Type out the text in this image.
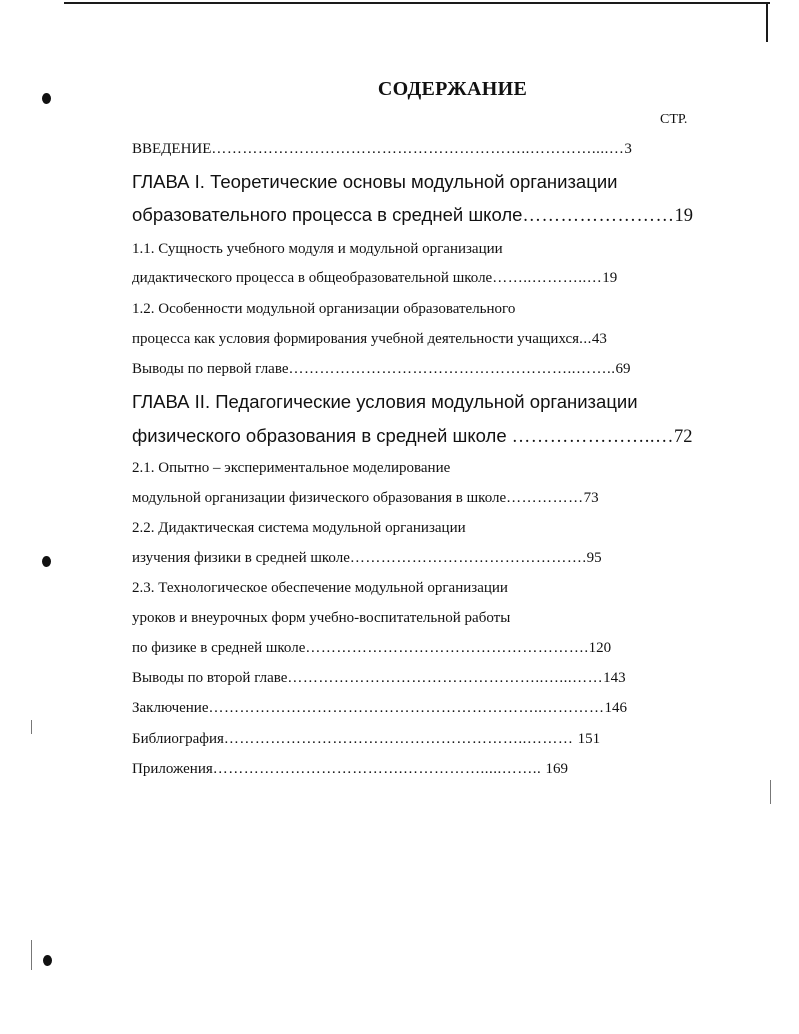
СОДЕРЖАНИЕ
СТР.
ВВЕДЕНИЕ……………………………………………………..…………....…3
ГЛАВА I. Теоретические основы модульной организации
образовательного процесса в средней школе……………………19
1.1. Сущность учебного модуля и модульной организации
дидактического процесса в общеобразовательной школе……..………..…19
1.2. Особенности модульной организации образовательного
процесса как условия формирования учебной деятельности учащихся...43
Выводы по первой главе………………………………………………..……..69
ГЛАВА II. Педагогические условия модульной организации
физического образования в средней школе …………………..…72
2.1. Опытно – экспериментальное моделирование
модульной организации физического образования в школе……………73
2.2. Дидактическая система модульной организации
изучения физики в средней школе……………………………………….95
2.3. Технологическое обеспечение модульной организации
уроков и внеурочных форм учебно-воспитательной работы
по физике в средней школе……………………………………………….120
Выводы по второй главе…………………………………………..…...……143
Заключение………………………………………………………..…………146
Библиография…………………………………………………..……… 151
Приложения……………………………….…………….....…….. 169
